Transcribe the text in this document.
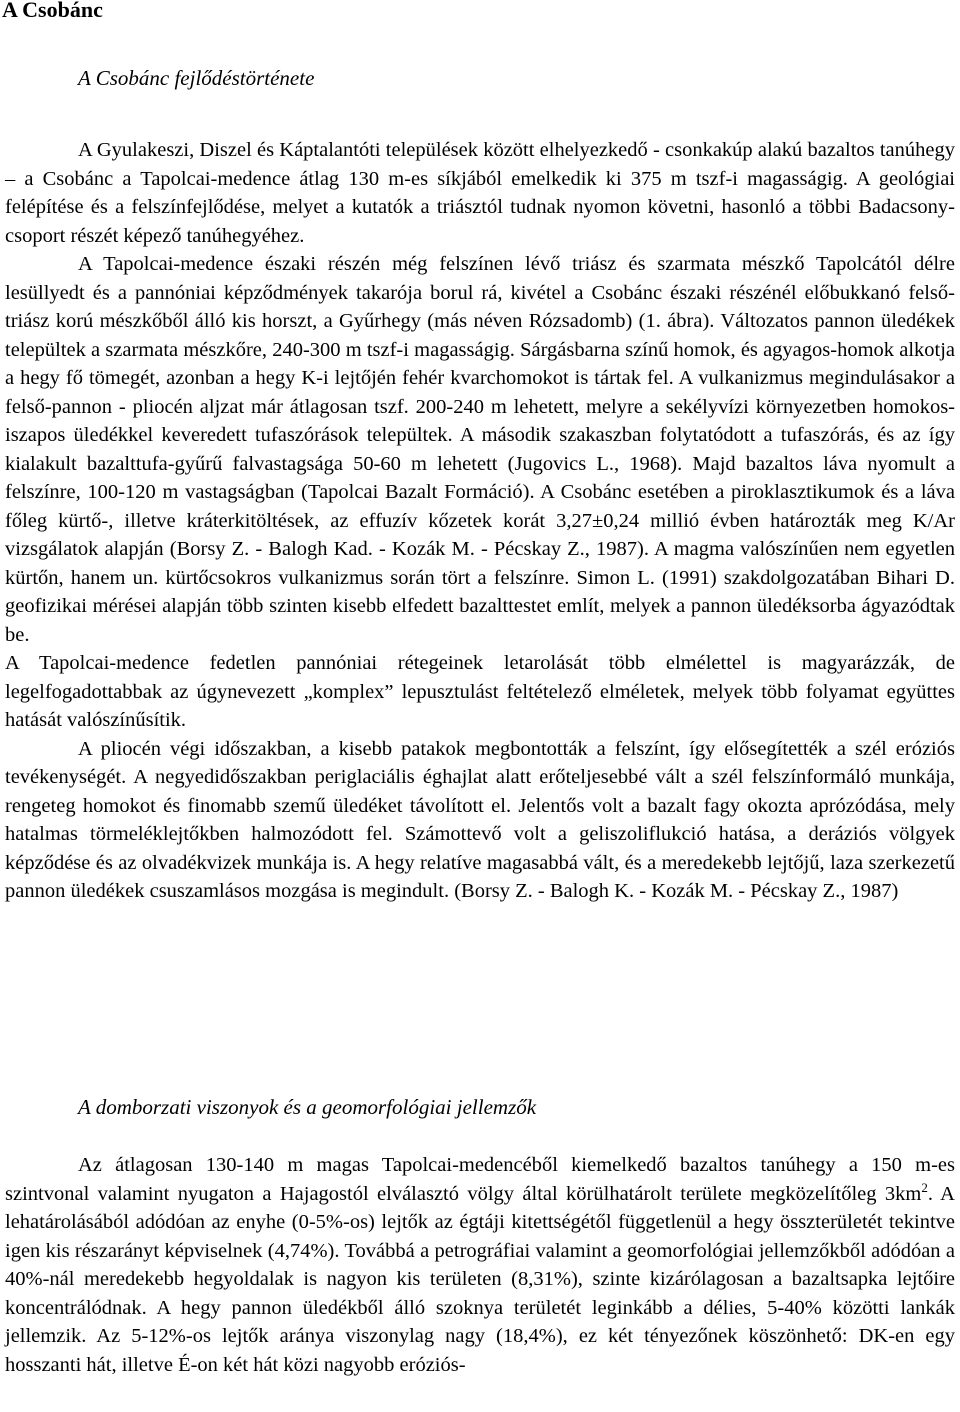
A Csobánc
A Csobánc fejlődéstörténete

A Gyulakeszi, Diszel és Káptalantóti települések között elhelyezkedő - csonkakúp alakú bazaltos tanúhegy – a Csobánc a Tapolcai-medence átlag 130 m-es síkjából emelkedik ki 375 m tszf-i magasságig. A geológiai felépítése és a felszínfejlődése, melyet a kutatók a triásztól tudnak nyomon követni, hasonló a többi Badacsony-csoport részét képező tanúhegyéhez.

A Tapolcai-medence északi részén még felszínen lévő triász és szarmata mészkő Tapolcától délre lesüllyedt és a pannóniai képződmények takarója borul rá, kivétel a Csobánc északi részénél előbukkanó felső-triász korú mészkőből álló kis horszt, a Gyűrhegy (más néven Rózsadomb) (1. ábra). Változatos pannon üledékek települtek a szarmata mészkőre, 240-300 m tszf-i magasságig. Sárgásbarna színű homok, és agyagos-homok alkotja a hegy fő tömegét, azonban a hegy K-i lejtőjén fehér kvarchomokot is tártak fel. A vulkanizmus megindulásakor a felső-pannon - pliocén aljzat már átlagosan tszf. 200-240 m lehetett, melyre a sekélyvízi környezetben homokos-iszapos üledékkel keveredett tufaszórások települtek. A második szakaszban folytatódott a tufaszórás, és az így kialakult bazalttufa-gyűrű falvastagsága 50-60 m lehetett (Jugovics L., 1968). Majd bazaltos láva nyomult a felszínre, 100-120 m vastagságban (Tapolcai Bazalt Formáció). A Csobánc esetében a piroklasztikumok és a láva főleg kürtő-, illetve kráterkitöltések, az effuzív kőzetek korát 3,27±0,24 millió évben határozták meg K/Ar vizsgálatok alapján (Borsy Z. - Balogh Kad. - Kozák M. - Pécskay Z., 1987). A magma valószínűen nem egyetlen kürtőn, hanem un. kürtőcsokros vulkanizmus során tört a felszínre. Simon L. (1991) szakdolgozatában Bihari D. geofizikai mérései alapján több szinten kisebb elfedett bazalttestet említ, melyek a pannon üledéksorba ágyazódtak be.

A Tapolcai-medence fedetlen pannóniai rétegeinek letarolását több elmélettel is magyarázzák, de legelfogadottabbak az úgynevezett „komplex” lepusztulást feltételező elméletek, melyek több folyamat együttes hatását valószínűsítik.

A pliocén végi időszakban, a kisebb patakok megbontották a felszínt, így elősegítették a szél eróziós tevékenységét. A negyedidőszakban periglaciális éghajlat alatt erőteljesebbé vált a szél felszínformáló munkája, rengeteg homokot és finomabb szemű üledéket távolított el. Jelentős volt a bazalt fagy okozta aprózódása, mely hatalmas törmeléklejtőkben halmozódott fel. Számottevő volt a geliszoliflukció hatása, a deráziós völgyek képződése és az olvadékvizek munkája is. A hegy relatíve magasabbá vált, és a meredekebb lejtőjű, laza szerkezetű pannon üledékek csuszamlásos mozgása is megindult. (Borsy Z. - Balogh K. - Kozák M. - Pécskay Z., 1987)

A domborzati viszonyok és a geomorfológiai jellemzők

Az átlagosan 130-140 m magas Tapolcai-medencéből kiemelkedő bazaltos tanúhegy a 150 m-es szintvonal valamint nyugaton a Hajagostól elválasztó völgy által körülhatárolt területe megközelítőleg $3km^2$. A lehatárolásából adódóan az enyhe (0-5%-os) lejtők az égtáji kitettségétől függetlenül a hegy összterületét tekintve igen kis részarányt képviselnek (4,74%). Továbbá a petrográfiai valamint a geomorfológiai jellemzőkből adódóan a 40%-nál meredekebb hegyoldalak is nagyon kis területen (8,31%), szinte kizárólagosan a bazaltsapka lejtőire koncentrálódnak. A hegy pannon üledékből álló szoknya területét leginkább a délies, 5-40% közötti lankák jellemzik. Az 5-12%-os lejtők aránya viszonylag nagy (18,4%), ez két tényezőnek köszönhető: DK-en egy hosszanti hát, illetve É-on két hát közi nagyobb eróziós-
